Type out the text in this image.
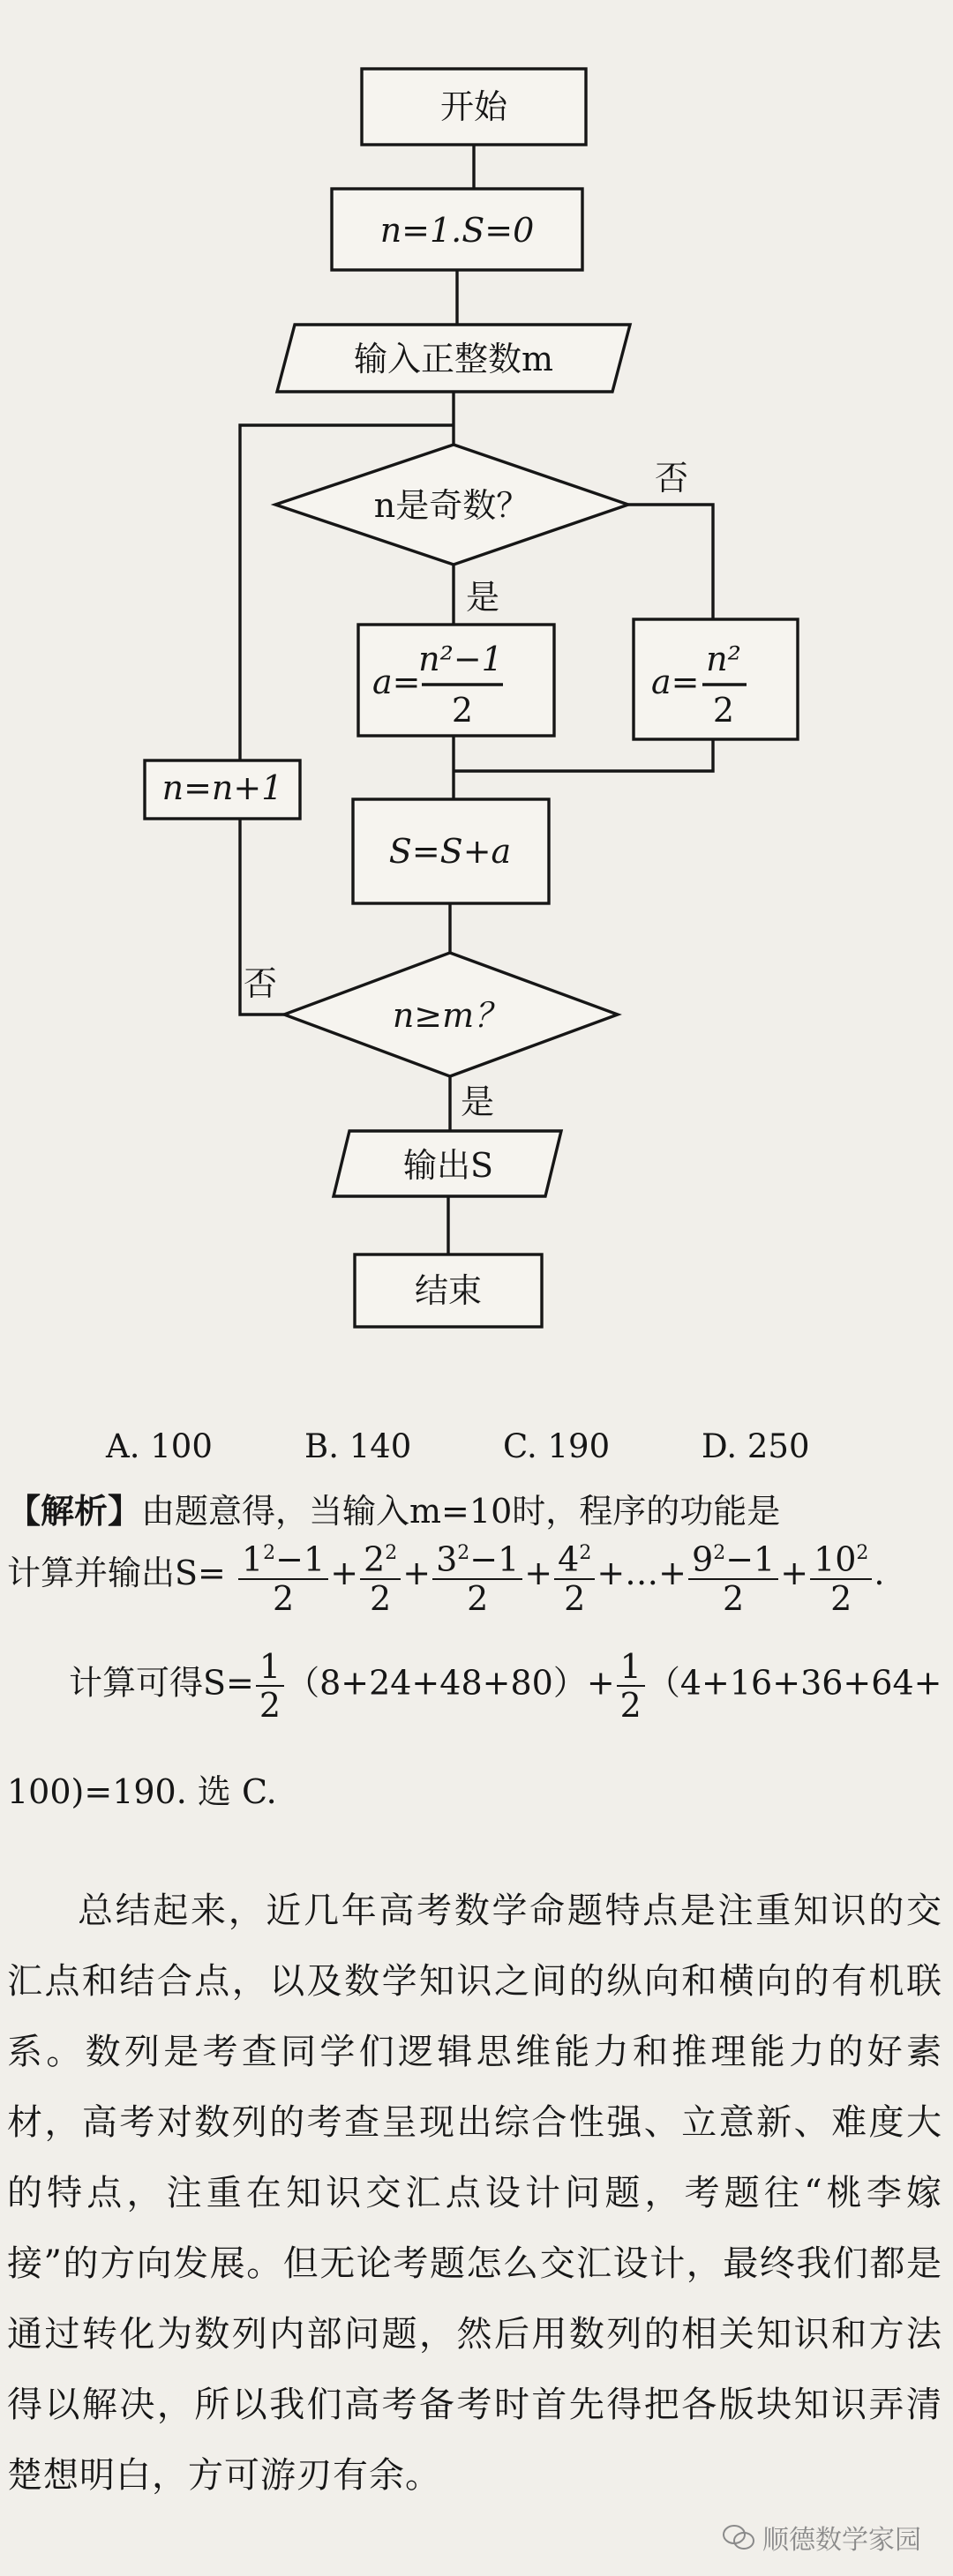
开始
n=1.S=0
输入正整数m
n是奇数？
否
是
a=
n²−1
2
a=
n²
2
n=n+1
否
S=S+a
n≥m？
是
输出S
结束
A. 100	B. 140	C. 190	D. 250
【解析】由题意得，当输入m=10时，程序的功能是
计算并输出$S= \frac{1^2-1}{2} + \frac{2^2}{2} + \frac{3^2-1}{2} + \frac{4^2}{2}$ +…+ $\frac{9^2-1}{2} + \frac{10^2}{2}$ .
计算可得$S= \frac{1}{2} (8+24+48+80)+ \frac{1}{2} (4+16+36+64+$
100)=190. 选 C.
总结起来，近几年高考数学命题特点是注重知识的交汇点和结合点，以及数学知识之间的纵向和横向的有机联系。数列是考查同学们逻辑思维能力和推理能力的好素材，高考对数列的考查呈现出综合性强、立意新、难度大的特点，注重在知识交汇点设计问题，考题往“桃李嫁接”的方向发展。但无论考题怎么交汇设计，最终我们都是通过转化为数列内部问题，然后用数列的相关知识和方法得以解决，所以我们高考备考时首先得把各版块知识弄清楚想明白，方可游刃有余。
顺德数学家园
